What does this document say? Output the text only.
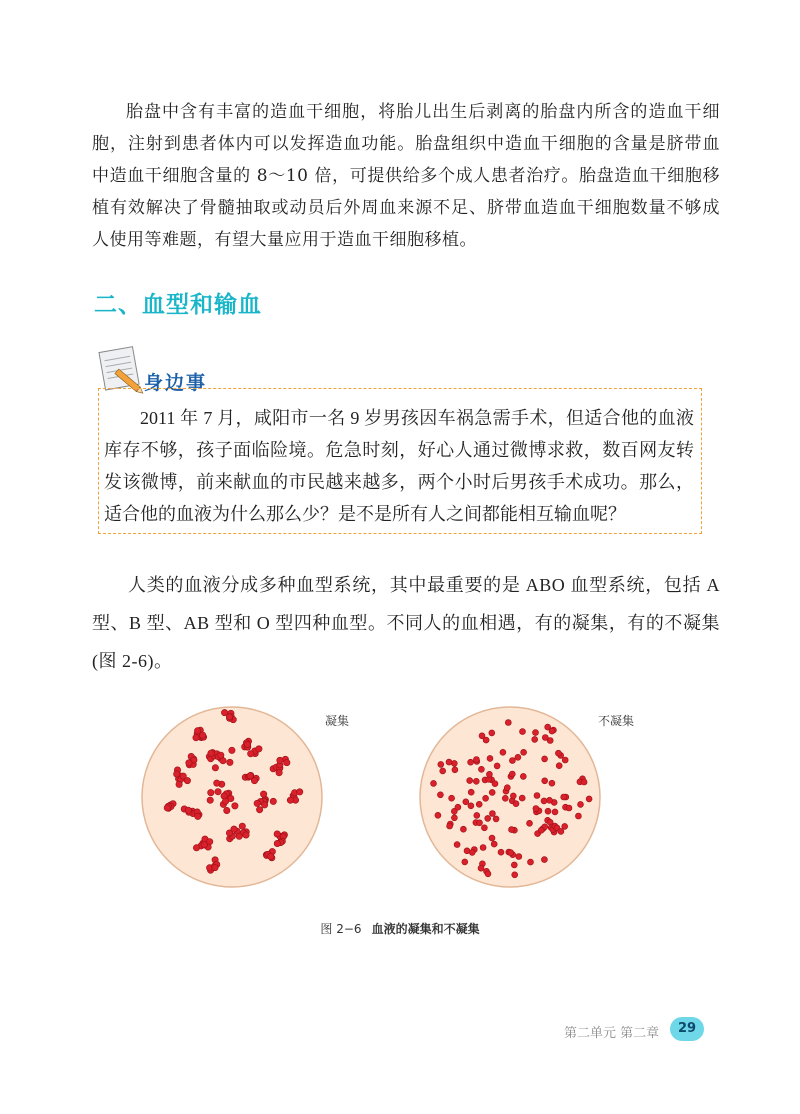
胎盘中含有丰富的造血干细胞，将胎儿出生后剥离的胎盘内所含的造血干细胞，注射到患者体内可以发挥造血功能。胎盘组织中造血干细胞的含量是脐带血中造血干细胞含量的 8～10 倍，可提供给多个成人患者治疗。胎盘造血干细胞移植有效解决了骨髓抽取或动员后外周血来源不足、脐带血造血干细胞数量不够成人使用等难题，有望大量应用于造血干细胞移植。

二、血型和输血
身边事

2011 年 7 月，咸阳市一名 9 岁男孩因车祸急需手术，但适合他的血液库存不够，孩子面临险境。危急时刻，好心人通过微博求救，数百网友转发该微博，前来献血的市民越来越多，两个小时后男孩手术成功。那么，适合他的血液为什么那么少？是不是所有人之间都能相互输血呢？

人类的血液分成多种血型系统，其中最重要的是 ABO 血型系统，包括 A 型、B 型、AB 型和 O 型四种血型。不同人的血相遇，有的凝集，有的不凝集(图 2-6)。

凝集	不凝集
图 2−6 血液的凝集和不凝集
第二单元 第二章	29
